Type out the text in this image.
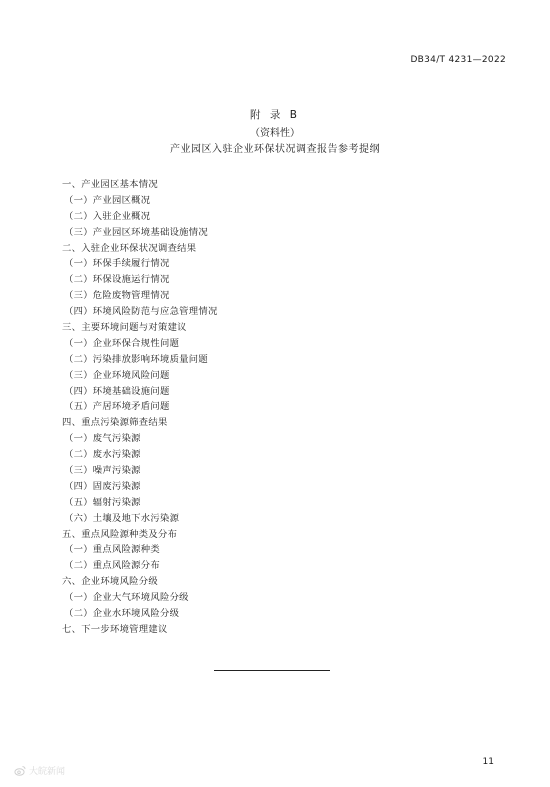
DB34/T 4231—2022
附 录 B
（资料性）
产业园区入驻企业环保状况调查报告参考提纲
一、产业园区基本情况
（一）产业园区概况
（二）入驻企业概况
（三）产业园区环境基础设施情况
二、入驻企业环保状况调查结果
（一）环保手续履行情况
（二）环保设施运行情况
（三）危险废物管理情况
（四）环境风险防范与应急管理情况
三、主要环境问题与对策建议
（一）企业环保合规性问题
（二）污染排放影响环境质量问题
（三）企业环境风险问题
（四）环境基础设施问题
（五）产居环境矛盾问题
四、重点污染源筛查结果
（一）废气污染源
（二）废水污染源
（三）噪声污染源
（四）固废污染源
（五）辐射污染源
（六）土壤及地下水污染源
五、重点风险源种类及分布
（一）重点风险源种类
（二）重点风险源分布
六、企业环境风险分级
（一）企业大气环境风险分级
（二）企业水环境风险分级
七、下一步环境管理建议
11
大皖新闻
